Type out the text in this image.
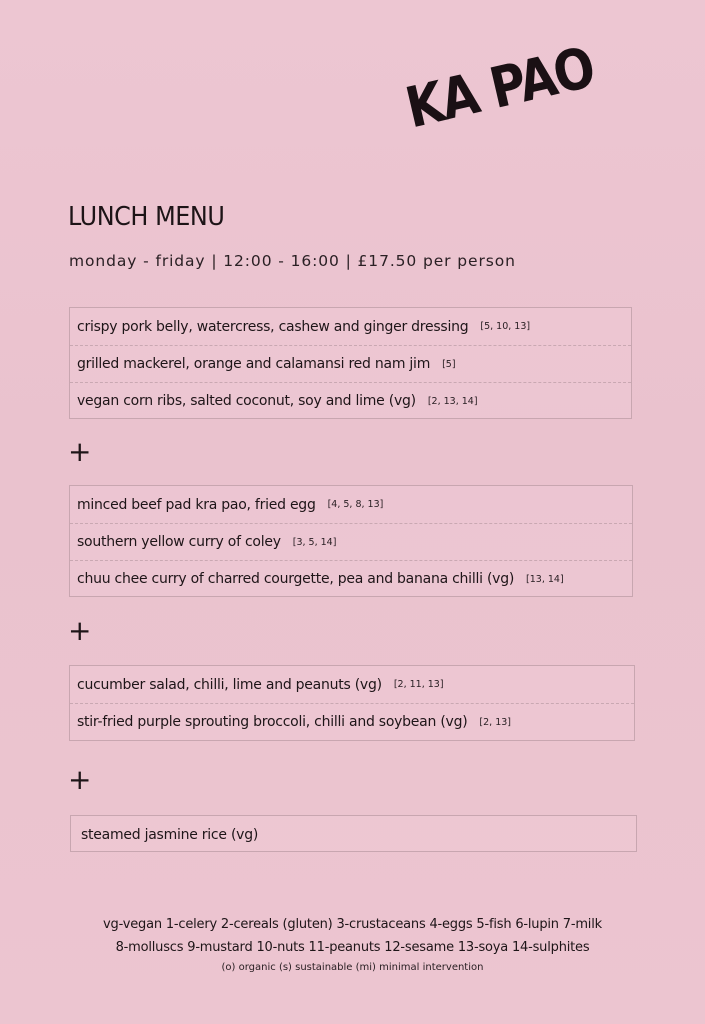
KA PAO
LUNCH MENU
monday - friday | 12:00 - 16:00 | £17.50 per person
crispy pork belly, watercress, cashew and ginger dressing [5, 10, 13]
grilled mackerel, orange and calamansi red nam jim [5]
vegan corn ribs, salted coconut, soy and lime (vg) [2, 13, 14]
+
minced beef pad kra pao, fried egg [4, 5, 8, 13]
southern yellow curry of coley [3, 5, 14]
chuu chee curry of charred courgette, pea and banana chilli (vg) [13, 14]
+
cucumber salad, chilli, lime and peanuts (vg) [2, 11, 13]
stir-fried purple sprouting broccoli, chilli and soybean (vg) [2, 13]
+
steamed jasmine rice (vg)
vg-vegan 1-celery 2-cereals (gluten) 3-crustaceans 4-eggs 5-fish 6-lupin 7-milk
8-molluscs 9-mustard 10-nuts 11-peanuts 12-sesame 13-soya 14-sulphites
(o) organic (s) sustainable (mi) minimal intervention
